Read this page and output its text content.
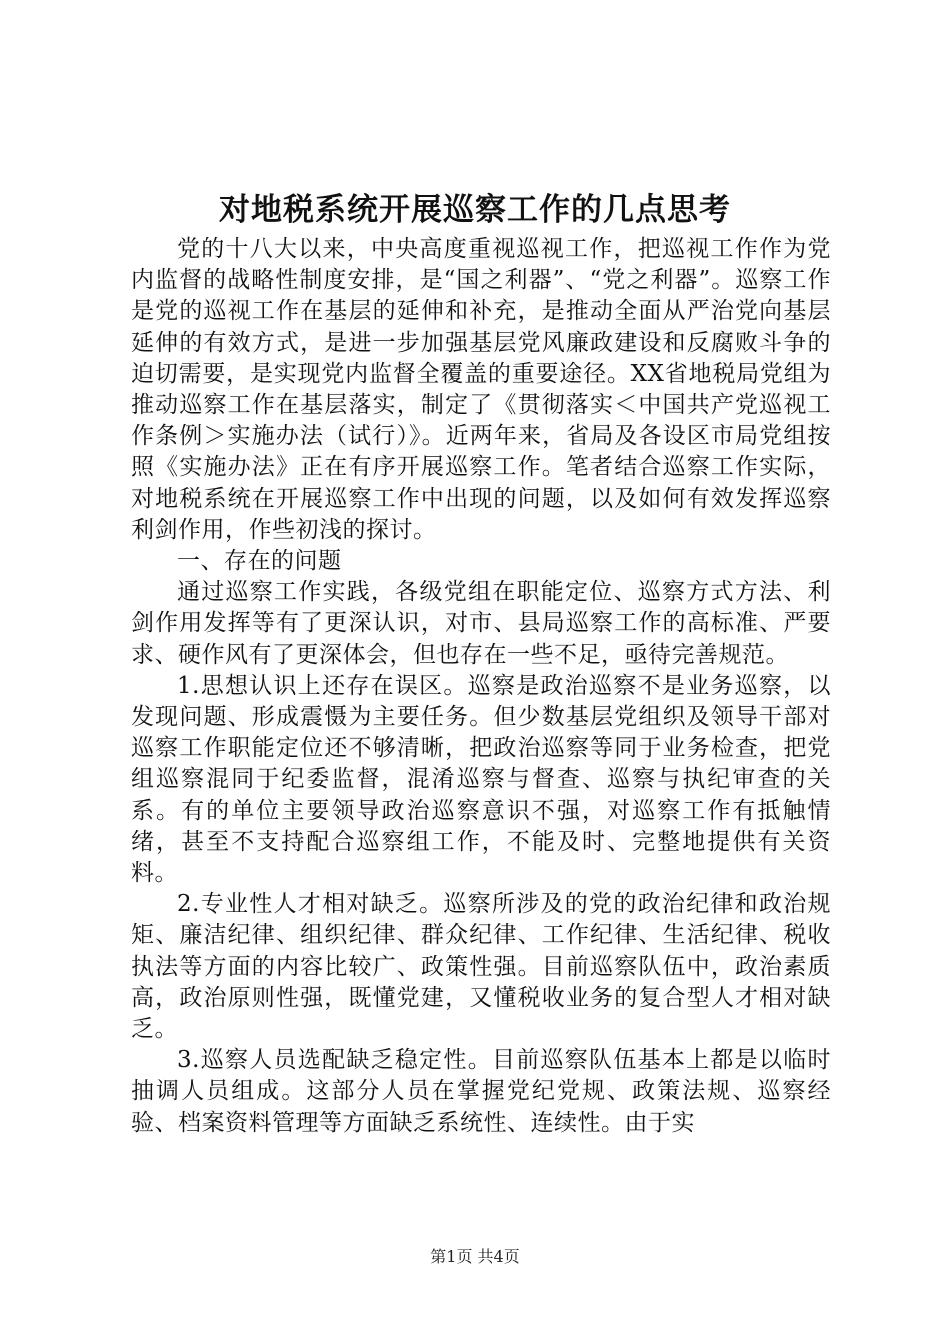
对地税系统开展巡察工作的几点思考

党的十八大以来，中央高度重视巡视工作，把巡视工作作为党内监督的战略性制度安排，是“国之利器”、“党之利器”。巡察工作是党的巡视工作在基层的延伸和补充，是推动全面从严治党向基层延伸的有效方式，是进一步加强基层党风廉政建设和反腐败斗争的迫切需要，是实现党内监督全覆盖的重要途径。XX省地税局党组为推动巡察工作在基层落实，制定了《贯彻落实＜中国共产党巡视工作条例＞实施办法（试行）》。近两年来，省局及各设区市局党组按照《实施办法》正在有序开展巡察工作。笔者结合巡察工作实际，对地税系统在开展巡察工作中出现的问题，以及如何有效发挥巡察利剑作用，作些初浅的探讨。

一、存在的问题

通过巡察工作实践，各级党组在职能定位、巡察方式方法、利剑作用发挥等有了更深认识，对市、县局巡察工作的高标准、严要求、硬作风有了更深体会，但也存在一些不足，亟待完善规范。

1.思想认识上还存在误区。巡察是政治巡察不是业务巡察，以发现问题、形成震慑为主要任务。但少数基层党组织及领导干部对巡察工作职能定位还不够清晰，把政治巡察等同于业务检查，把党组巡察混同于纪委监督，混淆巡察与督查、巡察与执纪审查的关系。有的单位主要领导政治巡察意识不强，对巡察工作有抵触情绪，甚至不支持配合巡察组工作，不能及时、完整地提供有关资料。

2.专业性人才相对缺乏。巡察所涉及的党的政治纪律和政治规矩、廉洁纪律、组织纪律、群众纪律、工作纪律、生活纪律、税收执法等方面的内容比较广、政策性强。目前巡察队伍中，政治素质高，政治原则性强，既懂党建，又懂税收业务的复合型人才相对缺乏。

3.巡察人员选配缺乏稳定性。目前巡察队伍基本上都是以临时抽调人员组成。这部分人员在掌握党纪党规、政策法规、巡察经验、档案资料管理等方面缺乏系统性、连续性。由于实

第1页 共4页
